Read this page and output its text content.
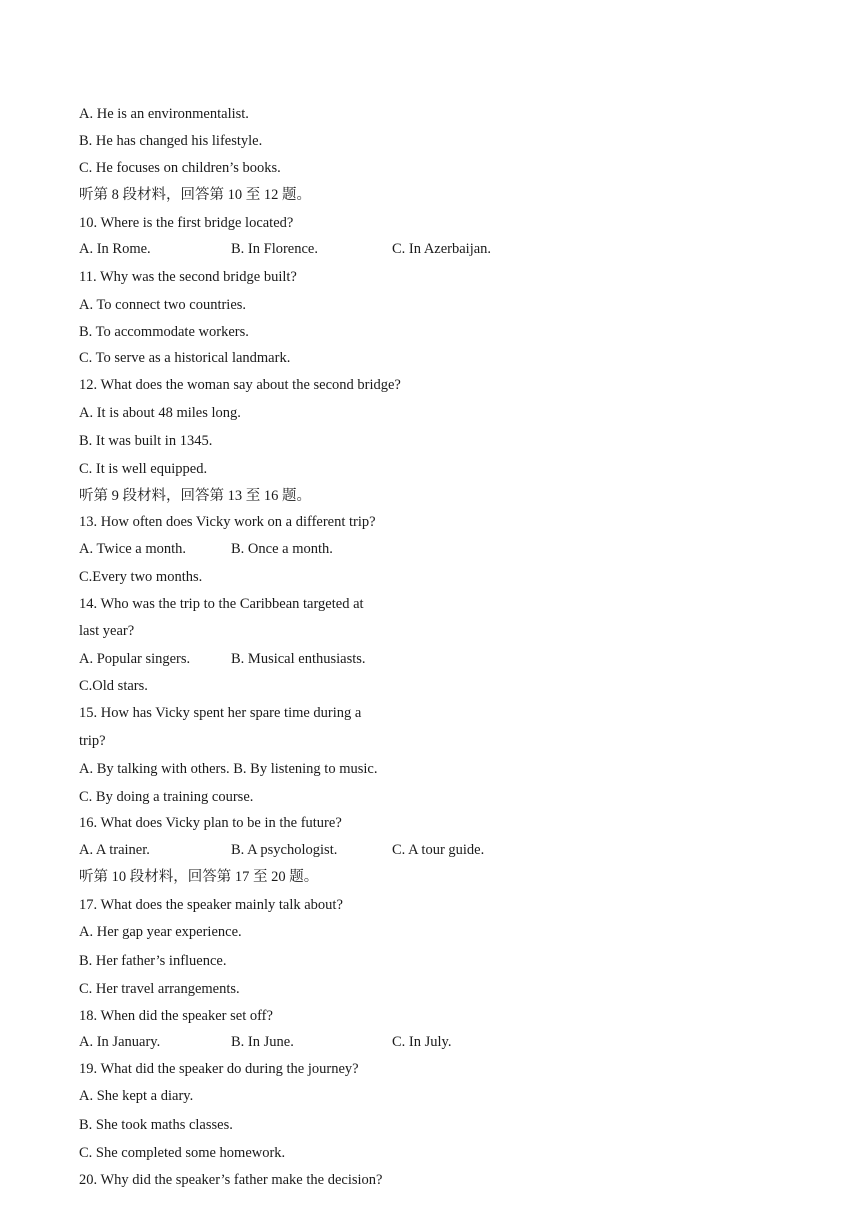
A. He is an environmentalist.
B. He has changed his lifestyle.
C. He focuses on children’s books.
听第 8 段材料，回答第 10 至 12 题。
10. Where is the first bridge located?
A. In Rome.	B. In Florence.	C. In Azerbaijan.
11. Why was the second bridge built?
A. To connect two countries.
B. To accommodate workers.
C. To serve as a historical landmark.
12. What does the woman say about the second bridge?
A. It is about 48 miles long.
B. It was built in 1345.
C. It is well equipped.
听第 9 段材料，回答第 13 至 16 题。
13. How often does Vicky work on a different trip?
A. Twice a month.	B. Once a month.
C.Every two months.
14. Who was the trip to the Caribbean targeted at
last year?
A. Popular singers.	B. Musical enthusiasts.
C.Old stars.
15. How has Vicky spent her spare time during a
trip?
A. By talking with others. B. By listening to music.
C. By doing a training course.
16. What does Vicky plan to be in the future?
A. A trainer.	B. A psychologist.	C. A tour guide.
听第 10 段材料，回答第 17 至 20 题。
17. What does the speaker mainly talk about?
A. Her gap year experience.
B. Her father’s influence.
C. Her travel arrangements.
18. When did the speaker set off?
A. In January.	B. In June.	C. In July.
19. What did the speaker do during the journey?
A. She kept a diary.
B. She took maths classes.
C. She completed some homework.
20. Why did the speaker’s father make the decision?
